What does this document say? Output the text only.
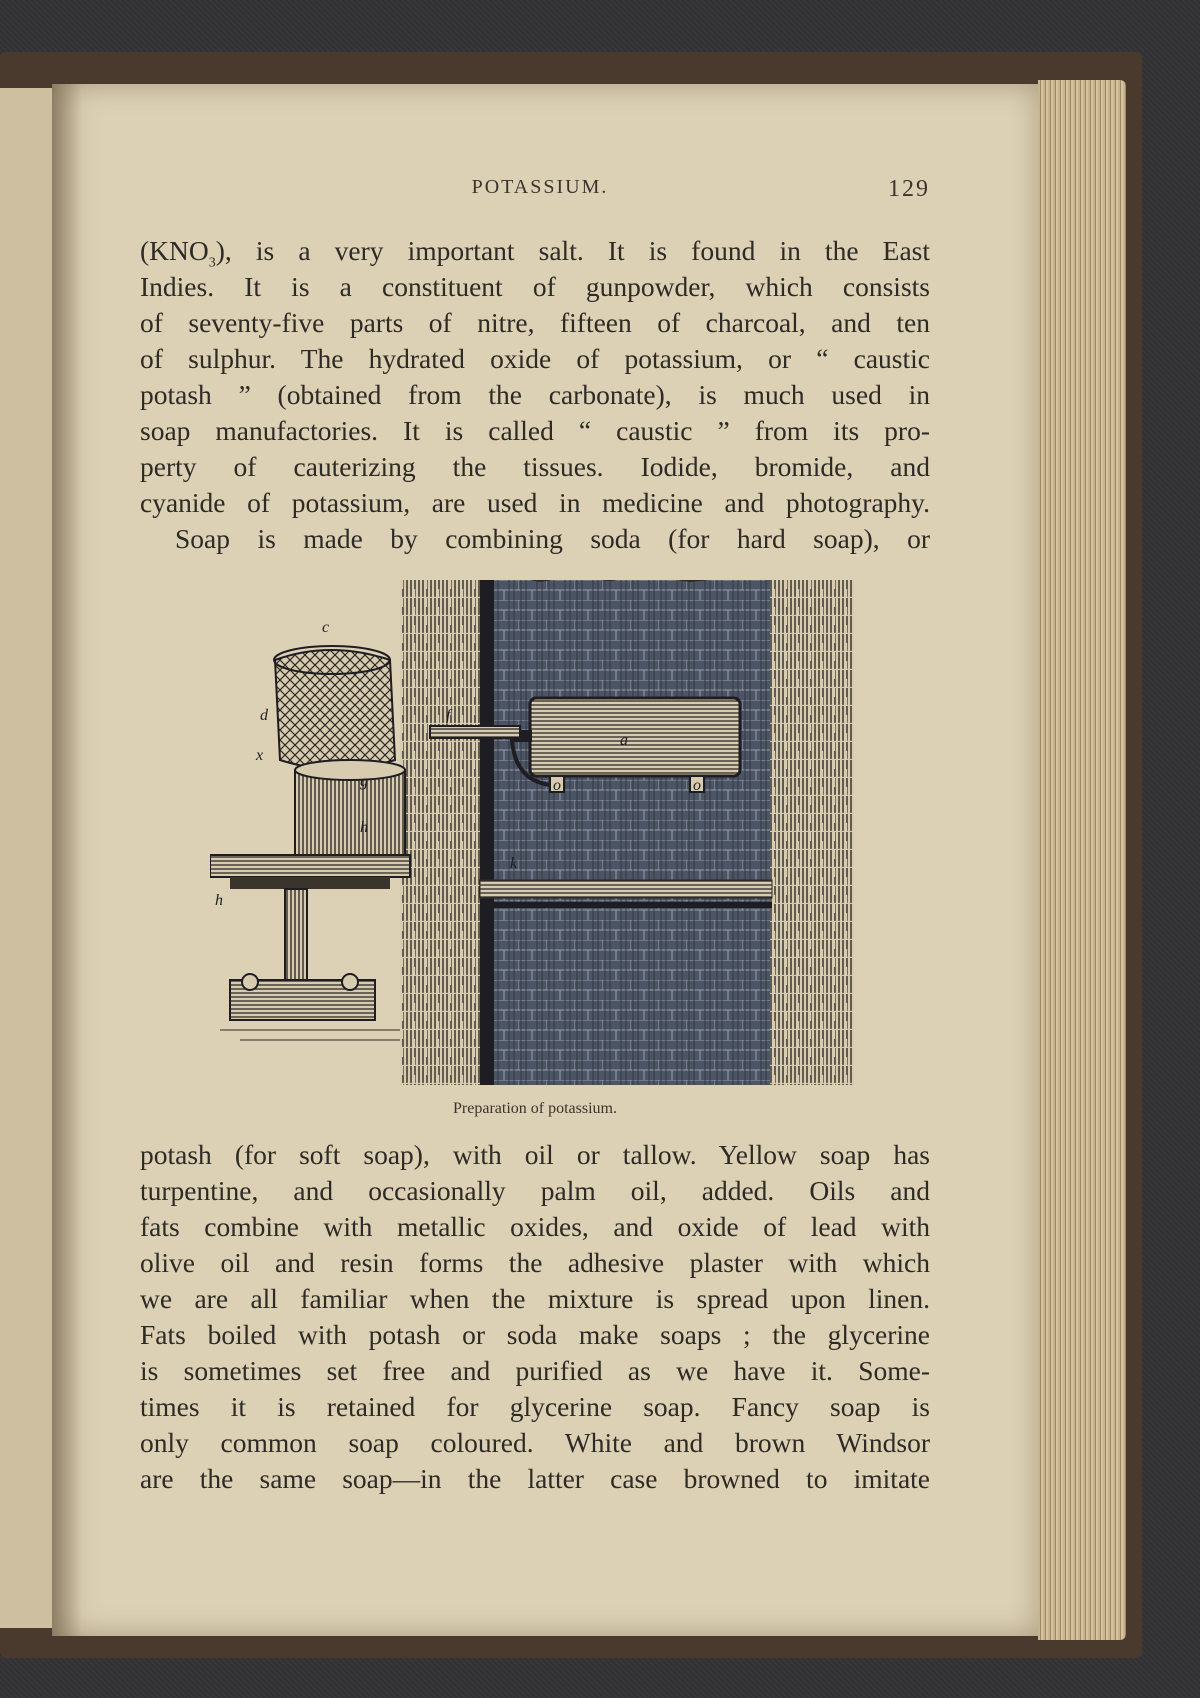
POTASSIUM.	129
$(KNO_3)$, is a very important salt. It is found in the East
Indies. It is a constituent of gunpowder, which consists
of seventy-five parts of nitre, fifteen of charcoal, and ten
of sulphur. The hydrated oxide of potassium, or “ caustic
potash ” (obtained from the carbonate), is much used in
soap manufactories. It is called “ caustic ” from its pro-
perty of cauterizing the tissues. Iodide, bromide, and
cyanide of potassium, are used in medicine and photography.
Soap is made by combining soda (for hard soap), or
c
d
x
g
h
h
f
a
o	o
k
Preparation of potassium.
potash (for soft soap), with oil or tallow. Yellow soap has
turpentine, and occasionally palm oil, added. Oils and
fats combine with metallic oxides, and oxide of lead with
olive oil and resin forms the adhesive plaster with which
we are all familiar when the mixture is spread upon linen.
Fats boiled with potash or soda make soaps ; the glycerine
is sometimes set free and purified as we have it. Some-
times it is retained for glycerine soap. Fancy soap is
only common soap coloured. White and brown Windsor
are the same soap—in the latter case browned to imitate
